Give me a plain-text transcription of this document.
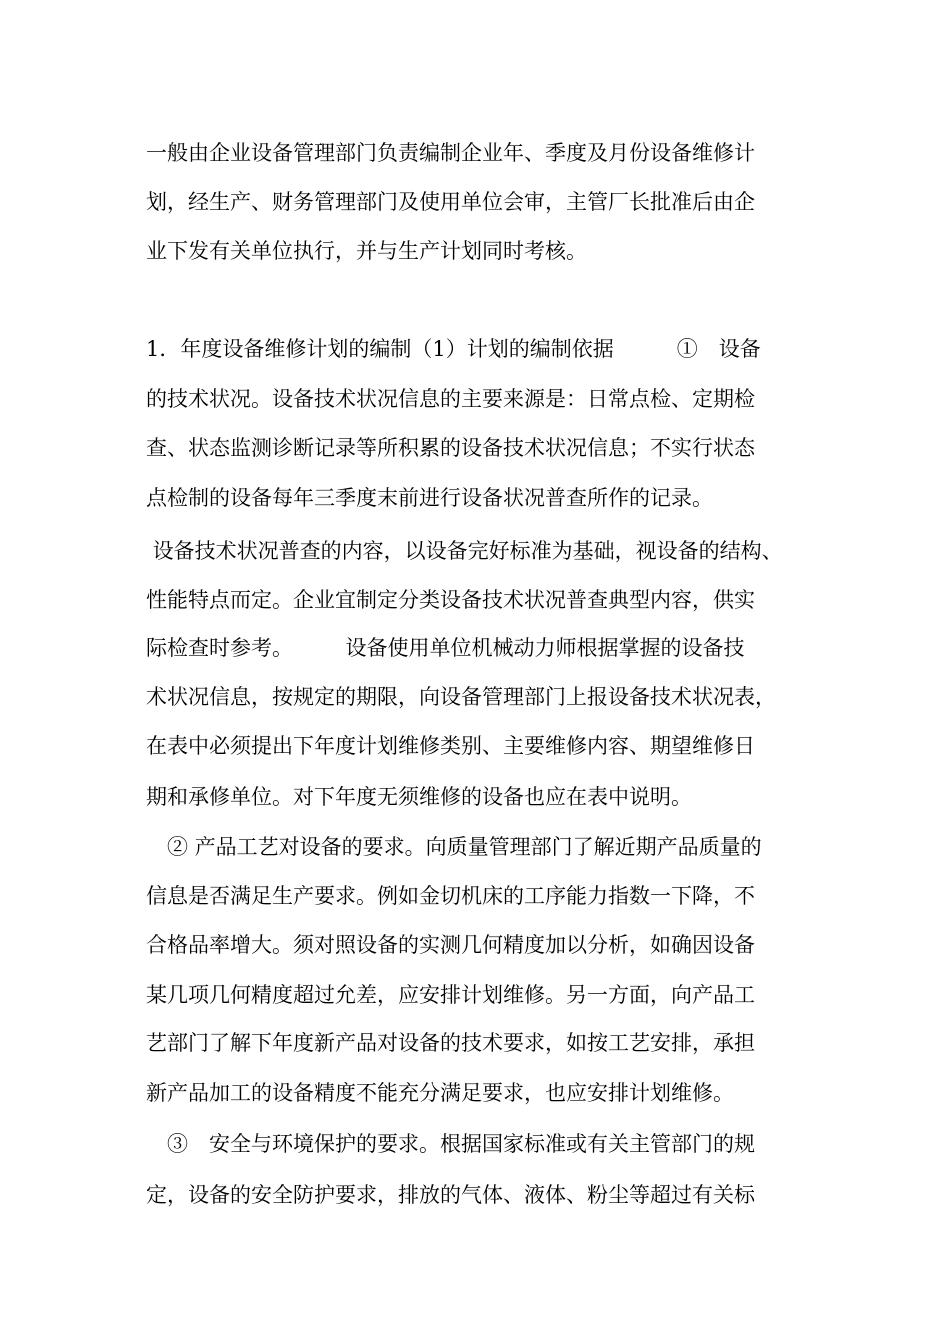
一般由企业设备管理部门负责编制企业年、季度及月份设备维修计

划，经生产、财务管理部门及使用单位会审，主管厂长批准后由企

业下发有关单位执行，并与生产计划同时考核。

1．年度设备维修计划的编制（1）计划的编制依据　　　①　设备

的技术状况。设备技术状况信息的主要来源是：日常点检、定期检

查、状态监测诊断记录等所积累的设备技术状况信息；不实行状态

点检制的设备每年三季度末前进行设备状况普查所作的记录。

设备技术状况普查的内容，以设备完好标准为基础，视设备的结构、

性能特点而定。企业宜制定分类设备技术状况普查典型内容，供实

际检查时参考。　　　设备使用单位机械动力师根据掌握的设备技

术状况信息，按规定的期限，向设备管理部门上报设备技术状况表，

在表中必须提出下年度计划维修类别、主要维修内容、期望维修日

期和承修单位。对下年度无须维修的设备也应在表中说明。

　② 产品工艺对设备的要求。向质量管理部门了解近期产品质量的

信息是否满足生产要求。例如金切机床的工序能力指数一下降，不

合格品率增大。须对照设备的实测几何精度加以分析，如确因设备

某几项几何精度超过允差，应安排计划维修。另一方面，向产品工

艺部门了解下年度新产品对设备的技术要求，如按工艺安排，承担

新产品加工的设备精度不能充分满足要求，也应安排计划维修。

　③　安全与环境保护的要求。根据国家标准或有关主管部门的规

定，设备的安全防护要求，排放的气体、液体、粉尘等超过有关标
